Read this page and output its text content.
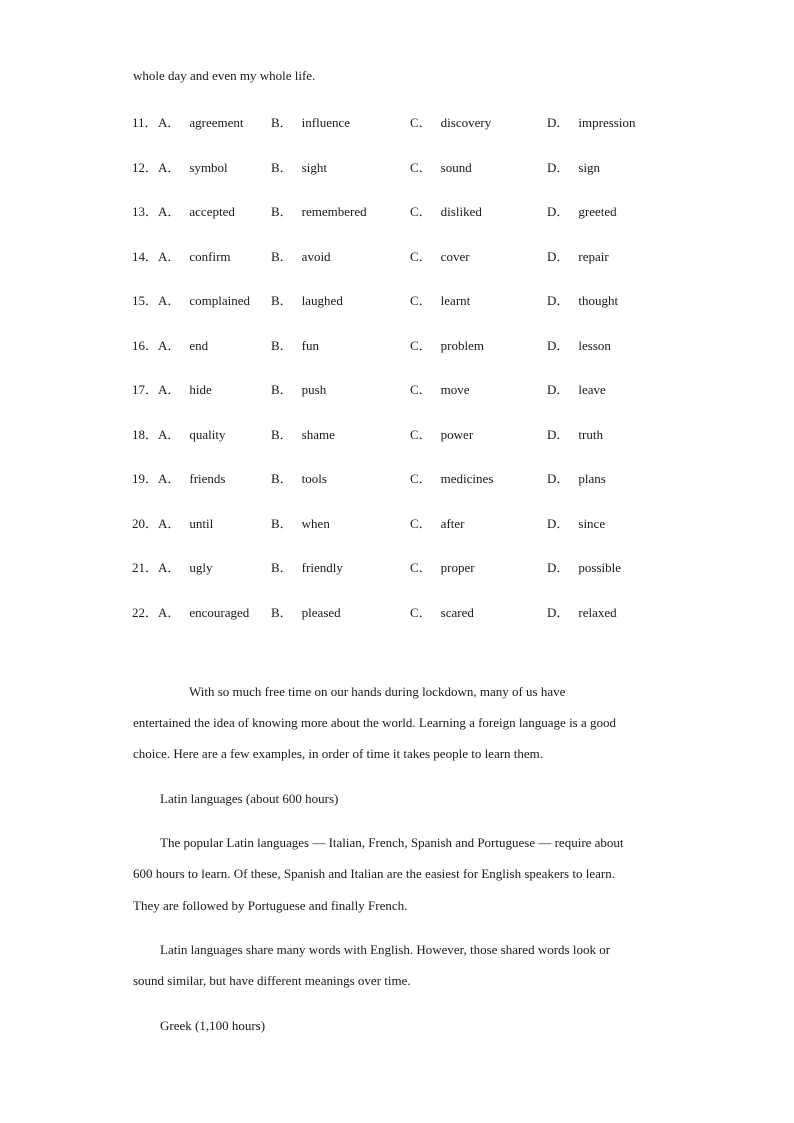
whole day and even my whole life.
11． A． agreement B． influence	C． discovery	D． impression
12． A． symbol	B． sight	C． sound	D． sign
13． A． accepted	B． remembered	C． disliked	D． greeted
14． A． confirm	B． avoid	C． cover	D． repair
15． A． complained B． laughed	C． learnt	D． thought
16． A． end	B． fun	C． problem	D． lesson
17． A． hide	B． push	C． move	D． leave
18． A． quality	B． shame	C． power	D． truth
19． A． friends	B． tools	C． medicines	D． plans
20． A． until	B． when	C． after	D． since
21． A． ugly	B． friendly	C． proper	D． possible
22． A． encouraged B． pleased	C． scared	D． relaxed
With so much free time on our hands during lockdown, many of us have
entertained the idea of knowing more about the world. Learning a foreign language is a good
choice. Here are a few examples, in order of time it takes people to learn them.
Latin languages (about 600 hours)
The popular Latin languages — Italian, French, Spanish and Portuguese — require about
600 hours to learn. Of these, Spanish and Italian are the easiest for English speakers to learn.
They are followed by Portuguese and finally French.
Latin languages share many words with English. However, those shared words look or
sound similar, but have different meanings over time.
Greek (1,100 hours)
